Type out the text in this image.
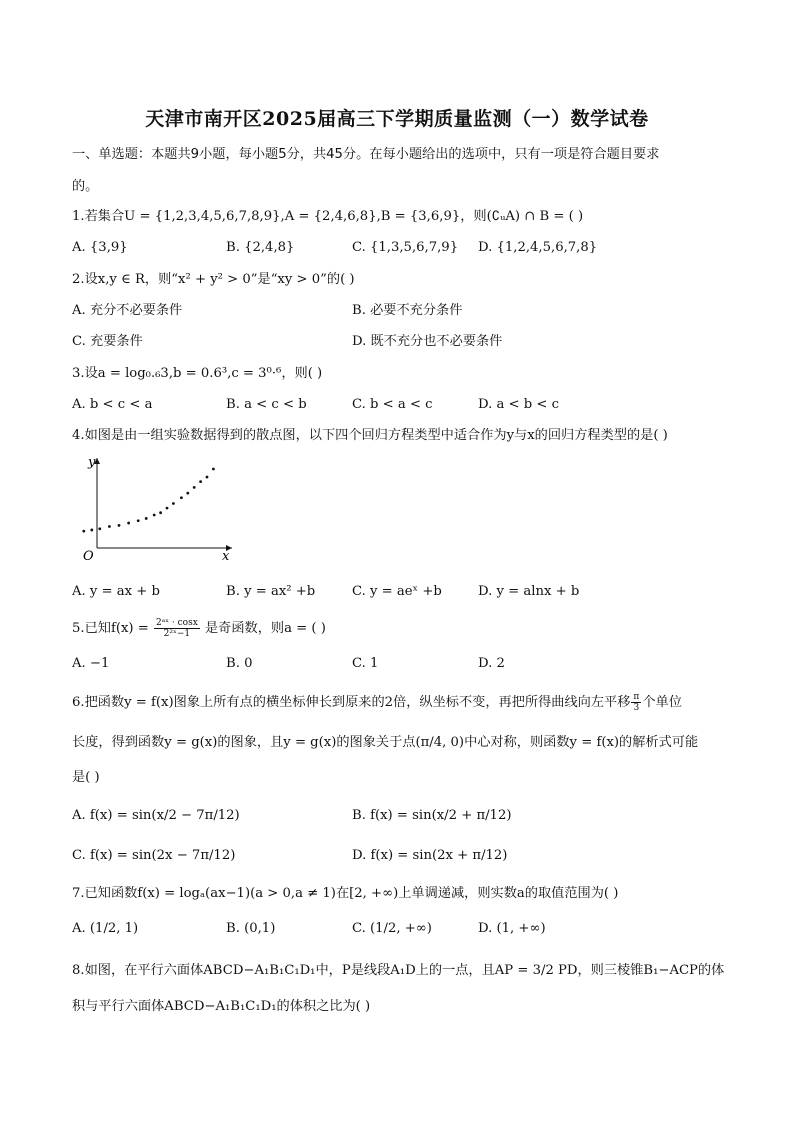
天津市南开区2025届高三下学期质量监测（一）数学试卷
一、单选题：本题共9小题，每小题5分，共45分。在每小题给出的选项中，只有一项是符合题目要求
的。
1.若集合U = {1,2,3,4,5,6,7,8,9},A = {2,4,6,8},B = {3,6,9}，则(∁ᵤA) ∩ B = ( )
A. {3,9}	B. {2,4,8}	C. {1,3,5,6,7,9} D. {1,2,4,5,6,7,8}
2.设x,y ∈ R，则“x² + y² > 0”是“xy > 0”的( )
A. 充分不必要条件	B. 必要不充分条件
C. 充要条件	D. 既不充分也不必要条件
3.设a = log₀.₆3,b = 0.6³,c = 3⁰·⁶，则( )
A. b < c < a	B. a < c < b	C. b < a < c	D. a < b < c
4.如图是由一组实验数据得到的散点图，以下四个回归方程类型中适合作为y与x的回归方程类型的是( )
y
x
O
A. y = ax + b	B. y = ax² +b	C. y = aeˣ +b	D. y = alnx + b
5.已知$f(x) = \frac{\text{2ᵃˣ · cosx}}{\text{2²ˣ−1}}$ 是奇函数，则a = ( )
A. −1	B. 0	C. 1	D. 2
6.把函数y = f(x)图象上所有点的横坐标伸长到原来的2倍，纵坐标不变，再把所得曲线向左平移 $\frac{\pi}{3}$ 个单位
长度，得到函数y = g(x)的图象，且y = g(x)的图象关于点(π/4, 0)中心对称，则函数y = f(x)的解析式可能
是( )
A. f(x) = sin(x/2 − 7π/12)	B. f(x) = sin(x/2 + π/12)
C. f(x) = sin(2x − 7π/12)	D. f(x) = sin(2x + π/12)
7.已知函数f(x) = logₐ(ax−1)(a > 0,a ≠ 1)在[2, +∞)上单调递减，则实数a的取值范围为( )
A. (1/2, 1)	B. (0,1)	C. (1/2, +∞)	D. (1, +∞)
8.如图，在平行六面体ABCD−A₁B₁C₁D₁中，P是线段A₁D上的一点，且AP = 3/2 PD，则三棱锥B₁−ACP的体
积与平行六面体ABCD−A₁B₁C₁D₁的体积之比为( )
